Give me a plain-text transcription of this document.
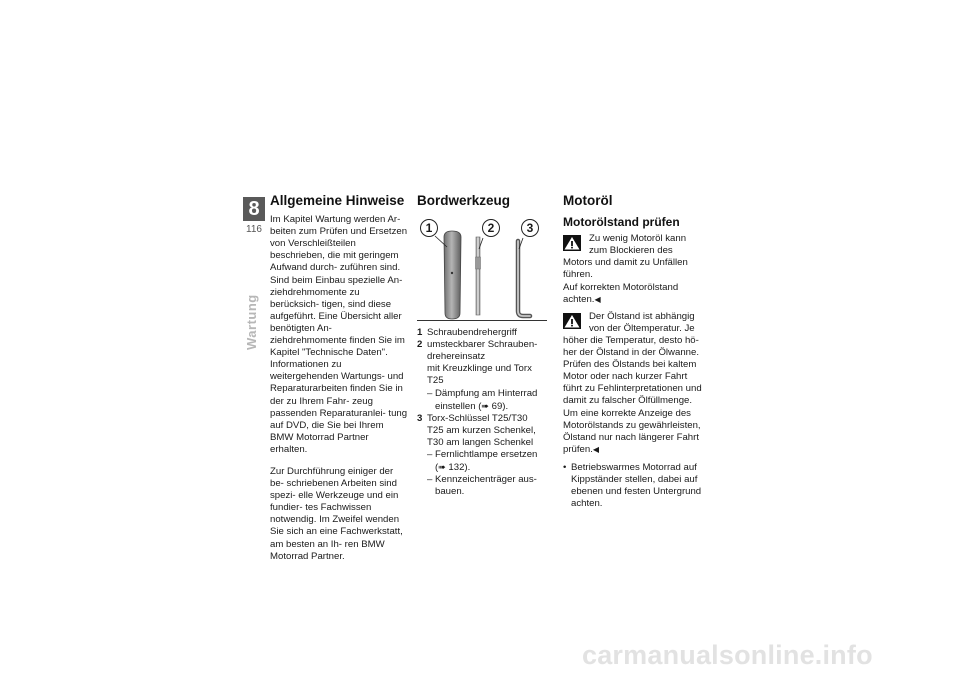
8
116
Wartung
Allgemeine Hinweise

Im Kapitel Wartung werden Ar- beiten zum Prüfen und Ersetzen von Verschleißteilen beschrieben, die mit geringem Aufwand durch- zuführen sind.

Sind beim Einbau spezielle An- ziehdrehmomente zu berücksich- tigen, sind diese aufgeführt. Eine Übersicht aller benötigten An- ziehdrehmomente finden Sie im Kapitel "Technische Daten".

Informationen zu weitergehenden Wartungs- und Reparaturarbeiten finden Sie in der zu Ihrem Fahr- zeug passenden Reparaturanlei- tung auf DVD, die Sie bei Ihrem BMW Motorrad Partner erhalten.

Zur Durchführung einiger der be- schriebenen Arbeiten sind spezi- elle Werkzeuge und ein fundier- tes Fachwissen notwendig. Im Zweifel wenden Sie sich an eine Fachwerkstatt, am besten an Ih- ren BMW Motorrad Partner.

Bordwerkzeug
1	2	3
1 Schraubendrehergriff
2 umsteckbarer Schrauben- drehereinsatz
mit Kreuzklinge und Torx T25
– Dämpfung am Hinterrad einstellen (➠ 69).
3 Torx-Schlüssel T25/T30
T25 am kurzen Schenkel, T30 am langen Schenkel
– Fernlichtlampe ersetzen (➠ 132).
– Kennzeichenträger aus- bauen.
Motoröl
Motorölstand prüfen

Zu wenig Motoröl kann zum Blockieren des Motors und damit zu Unfällen führen.

Auf korrekten Motorölstand achten.◀

Der Ölstand ist abhängig von der Öltemperatur. Je höher die Temperatur, desto hö- her der Ölstand in der Ölwanne. Prüfen des Ölstands bei kaltem Motor oder nach kurzer Fahrt führt zu Fehlinterpretationen und damit zu falscher Ölfüllmenge.

Um eine korrekte Anzeige des Motorölstands zu gewährleisten, Ölstand nur nach längerer Fahrt prüfen.◀

• Betriebswarmes Motorrad auf Kippständer stellen, dabei auf ebenen und festen Untergrund achten.
carmanualsonline.info
